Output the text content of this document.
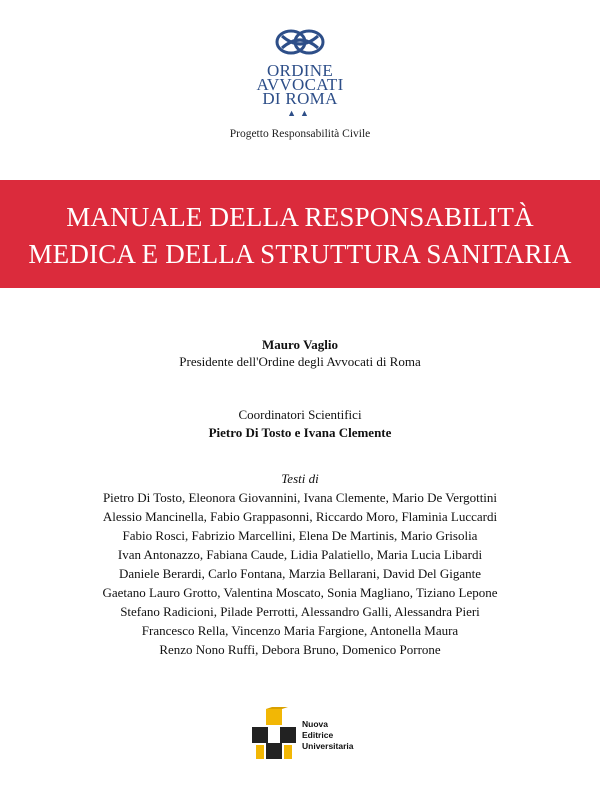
ORDINE
AVVOCATI
DI ROMA
▲▲
Progetto Responsabilità Civile
MANUALE DELLA RESPONSABILITÀ
MEDICA E DELLA STRUTTURA SANITARIA
Mauro Vaglio
Presidente dell'Ordine degli Avvocati di Roma
Coordinatori Scientifici
Pietro Di Tosto e Ivana Clemente
Testi di
Pietro Di Tosto, Eleonora Giovannini, Ivana Clemente, Mario De Vergottini
Alessio Mancinella, Fabio Grappasonni, Riccardo Moro, Flaminia Luccardi
Fabio Rosci, Fabrizio Marcellini, Elena De Martinis, Mario Grisolia
Ivan Antonazzo, Fabiana Caude, Lidia Palatiello, Maria Lucia Libardi
Daniele Berardi, Carlo Fontana, Marzia Bellarani, David Del Gigante
Gaetano Lauro Grotto, Valentina Moscato, Sonia Magliano, Tiziano Lepone
Stefano Radicioni, Pilade Perrotti, Alessandro Galli, Alessandra Pieri
Francesco Rella, Vincenzo Maria Fargione, Antonella Maura
Renzo Nono Ruffi, Debora Bruno, Domenico Porrone
Nuova
Editrice
Universitaria
